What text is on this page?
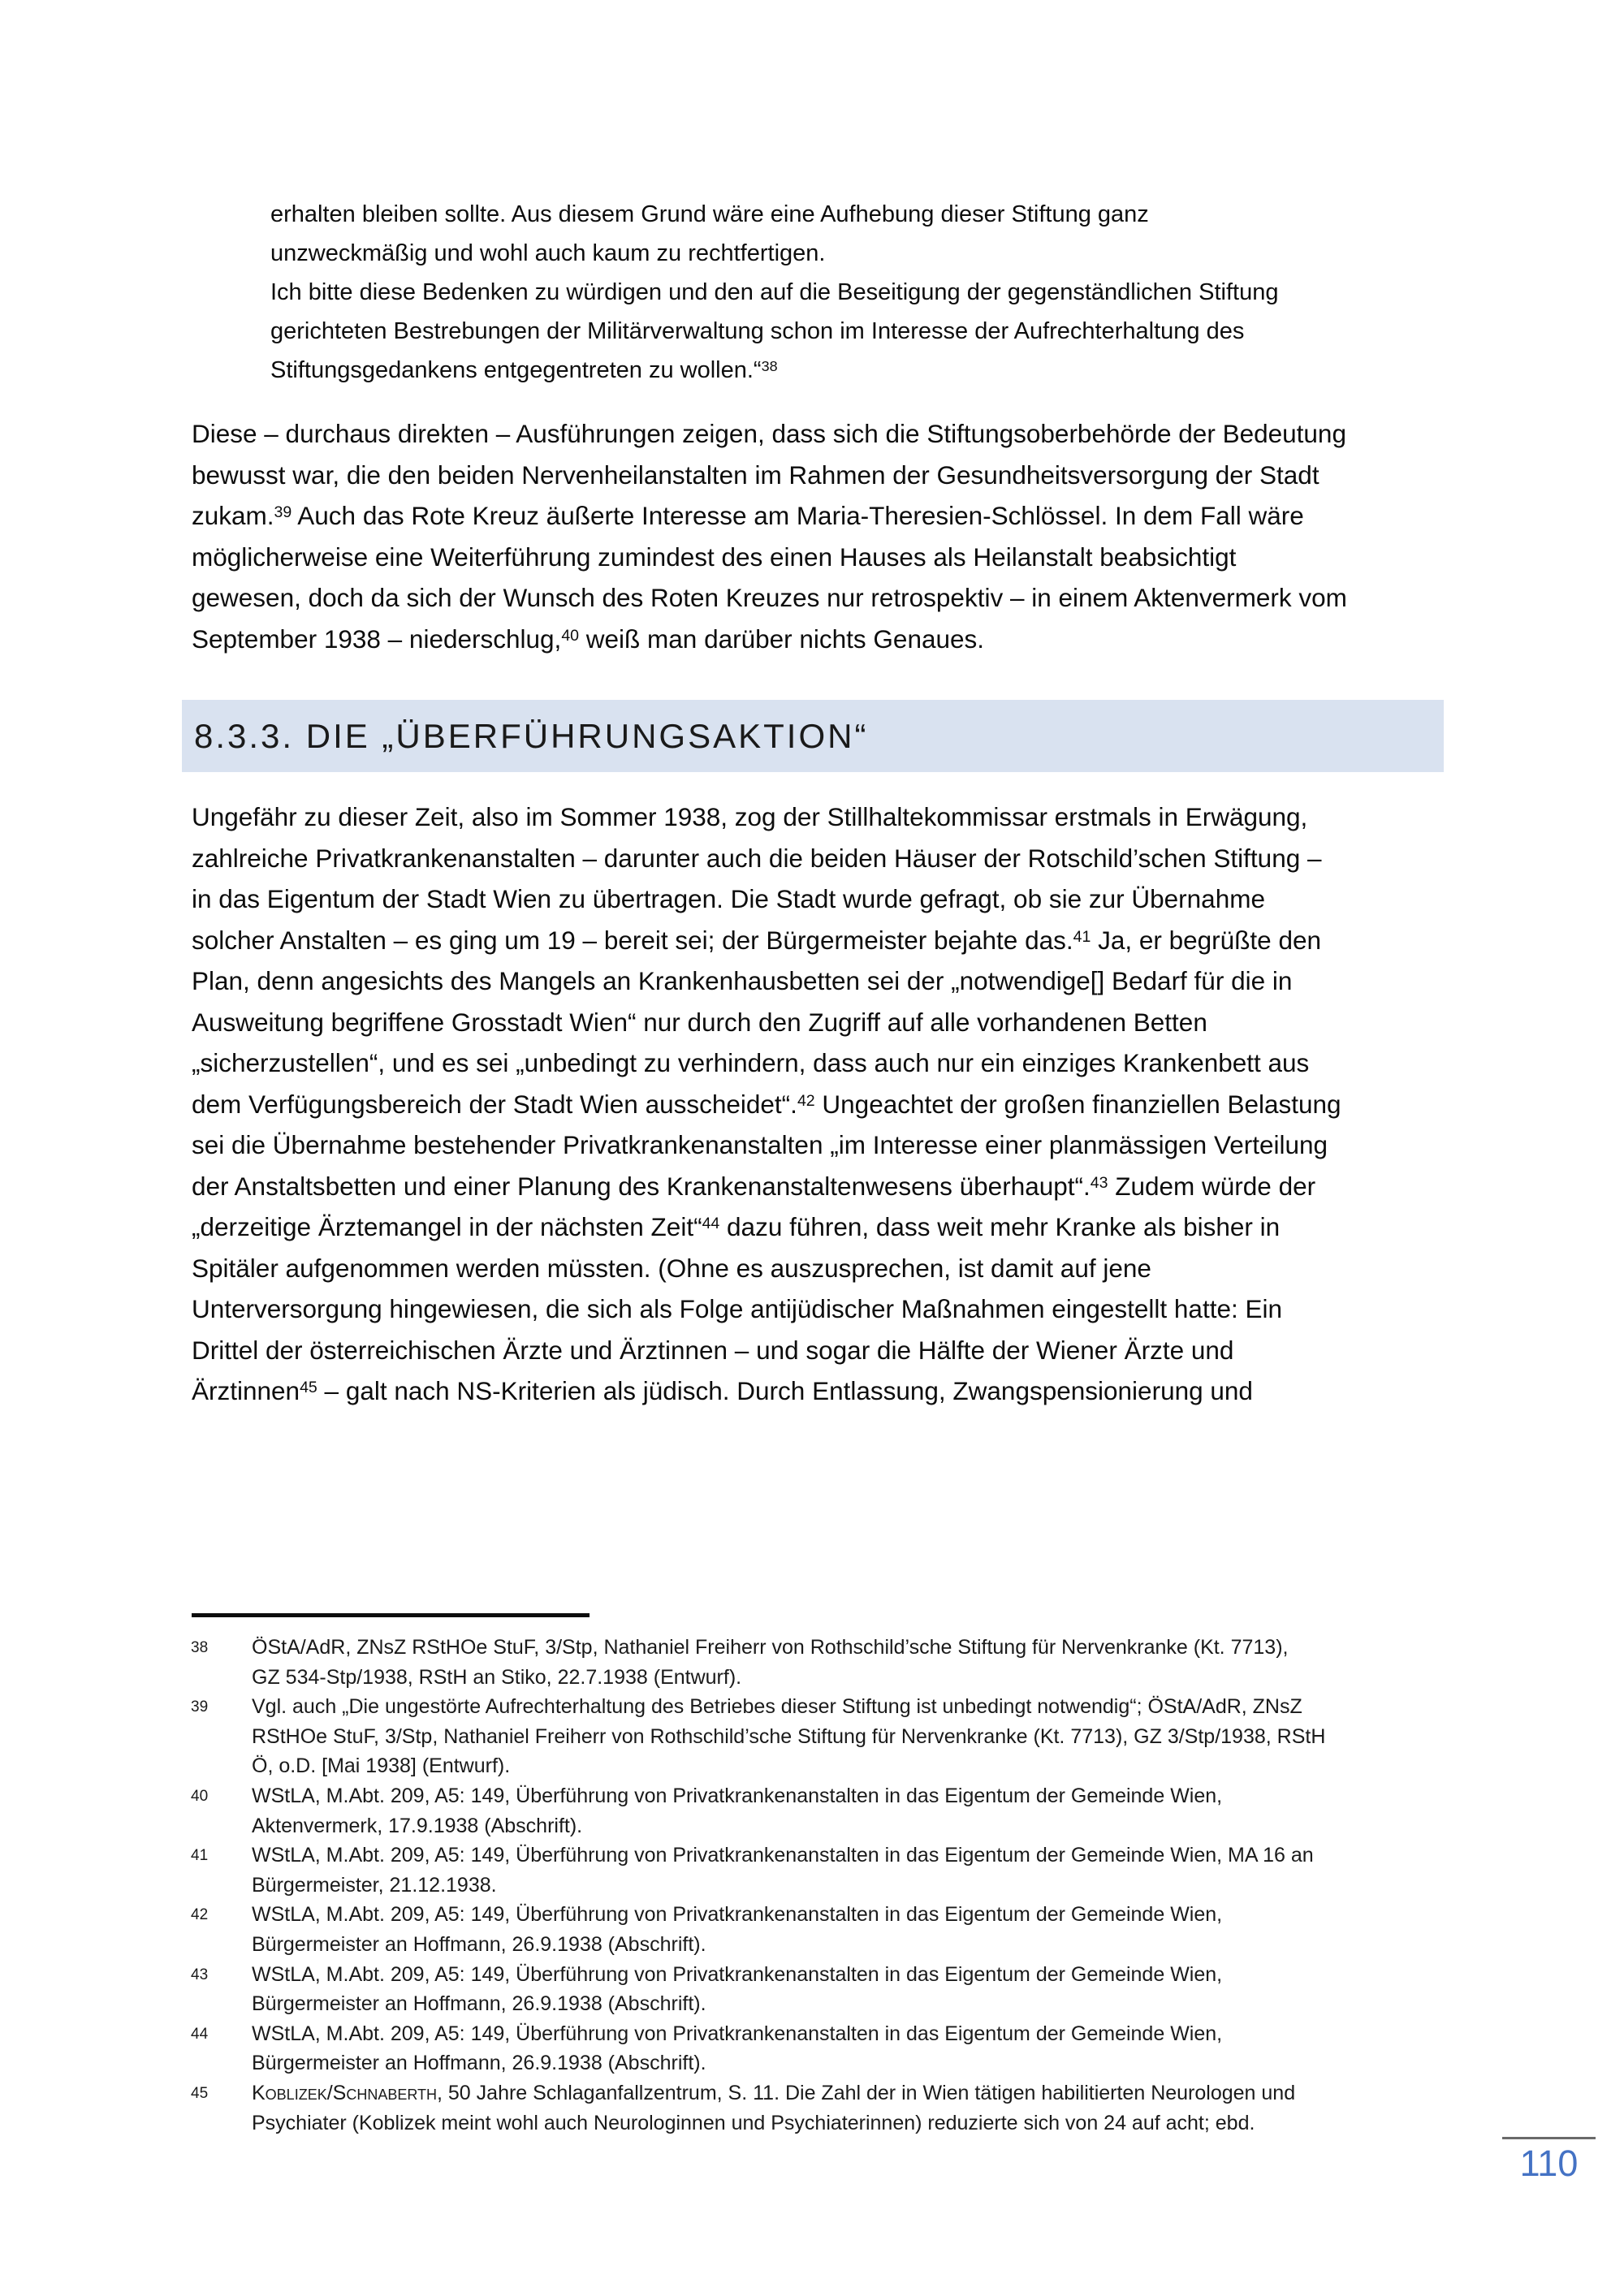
erhalten bleiben sollte. Aus diesem Grund wäre eine Aufhebung dieser Stiftung ganz
unzweckmäßig und wohl auch kaum zu rechtfertigen.
Ich bitte diese Bedenken zu würdigen und den auf die Beseitigung der gegenständlichen Stiftung
gerichteten Bestrebungen der Militärverwaltung schon im Interesse der Aufrechterhaltung des
Stiftungsgedankens entgegentreten zu wollen.“$^{38}$
Diese – durchaus direkten – Ausführungen zeigen, dass sich die Stiftungsoberbehörde der Bedeutung
bewusst war, die den beiden Nervenheilanstalten im Rahmen der Gesundheitsversorgung der Stadt
zukam.$^{39}$ Auch das Rote Kreuz äußerte Interesse am Maria-Theresien-Schlössel. In dem Fall wäre
möglicherweise eine Weiterführung zumindest des einen Hauses als Heilanstalt beabsichtigt
gewesen, doch da sich der Wunsch des Roten Kreuzes nur retrospektiv – in einem Aktenvermerk vom
September 1938 – niederschlug,$^{40}$ weiß man darüber nichts Genaues.
8.3.3. DIE „ÜBERFÜHRUNGSAKTION“
Ungefähr zu dieser Zeit, also im Sommer 1938, zog der Stillhaltekommissar erstmals in Erwägung,
zahlreiche Privatkrankenanstalten – darunter auch die beiden Häuser der Rotschild’schen Stiftung –
in das Eigentum der Stadt Wien zu übertragen. Die Stadt wurde gefragt, ob sie zur Übernahme
solcher Anstalten – es ging um 19 – bereit sei; der Bürgermeister bejahte das.$^{41}$ Ja, er begrüßte den
Plan, denn angesichts des Mangels an Krankenhausbetten sei der „notwendige[] Bedarf für die in
Ausweitung begriffene Grosstadt Wien“ nur durch den Zugriff auf alle vorhandenen Betten
„sicherzustellen“, und es sei „unbedingt zu verhindern, dass auch nur ein einziges Krankenbett aus
dem Verfügungsbereich der Stadt Wien ausscheidet“.$^{42}$ Ungeachtet der großen finanziellen Belastung
sei die Übernahme bestehender Privatkrankenanstalten „im Interesse einer planmässigen Verteilung
der Anstaltsbetten und einer Planung des Krankenanstaltenwesens überhaupt“.$^{43}$ Zudem würde der
„derzeitige Ärztemangel in der nächsten Zeit“$^{44}$ dazu führen, dass weit mehr Kranke als bisher in
Spitäler aufgenommen werden müssten. (Ohne es auszusprechen, ist damit auf jene
Unterversorgung hingewiesen, die sich als Folge antijüdischer Maßnahmen eingestellt hatte: Ein
Drittel der österreichischen Ärzte und Ärztinnen – und sogar die Hälfte der Wiener Ärzte und
Ärztinnen$^{45}$ – galt nach NS-Kriterien als jüdisch. Durch Entlassung, Zwangspensionierung und
38 ÖStA/AdR, ZNsZ RStHOe StuF, 3/Stp, Nathaniel Freiherr von Rothschild’sche Stiftung für Nervenkranke (Kt. 7713),
GZ 534-Stp/1938, RStH an Stiko, 22.7.1938 (Entwurf).
39 Vgl. auch „Die ungestörte Aufrechterhaltung des Betriebes dieser Stiftung ist unbedingt notwendig“; ÖStA/AdR, ZNsZ
RStHOe StuF, 3/Stp, Nathaniel Freiherr von Rothschild’sche Stiftung für Nervenkranke (Kt. 7713), GZ 3/Stp/1938, RStH
Ö, o.D. [Mai 1938] (Entwurf).
40 WStLA, M.Abt. 209, A5: 149, Überführung von Privatkrankenanstalten in das Eigentum der Gemeinde Wien,
Aktenvermerk, 17.9.1938 (Abschrift).
41 WStLA, M.Abt. 209, A5: 149, Überführung von Privatkrankenanstalten in das Eigentum der Gemeinde Wien, MA 16 an
Bürgermeister, 21.12.1938.
42 WStLA, M.Abt. 209, A5: 149, Überführung von Privatkrankenanstalten in das Eigentum der Gemeinde Wien,
Bürgermeister an Hoffmann, 26.9.1938 (Abschrift).
43 WStLA, M.Abt. 209, A5: 149, Überführung von Privatkrankenanstalten in das Eigentum der Gemeinde Wien,
Bürgermeister an Hoffmann, 26.9.1938 (Abschrift).
44 WStLA, M.Abt. 209, A5: 149, Überführung von Privatkrankenanstalten in das Eigentum der Gemeinde Wien,
Bürgermeister an Hoffmann, 26.9.1938 (Abschrift).
45 Koblizek/Schnaberth, 50 Jahre Schlaganfallzentrum, S. 11. Die Zahl der in Wien tätigen habilitierten Neurologen und
Psychiater (Koblizek meint wohl auch Neurologinnen und Psychiaterinnen) reduzierte sich von 24 auf acht; ebd.
110
